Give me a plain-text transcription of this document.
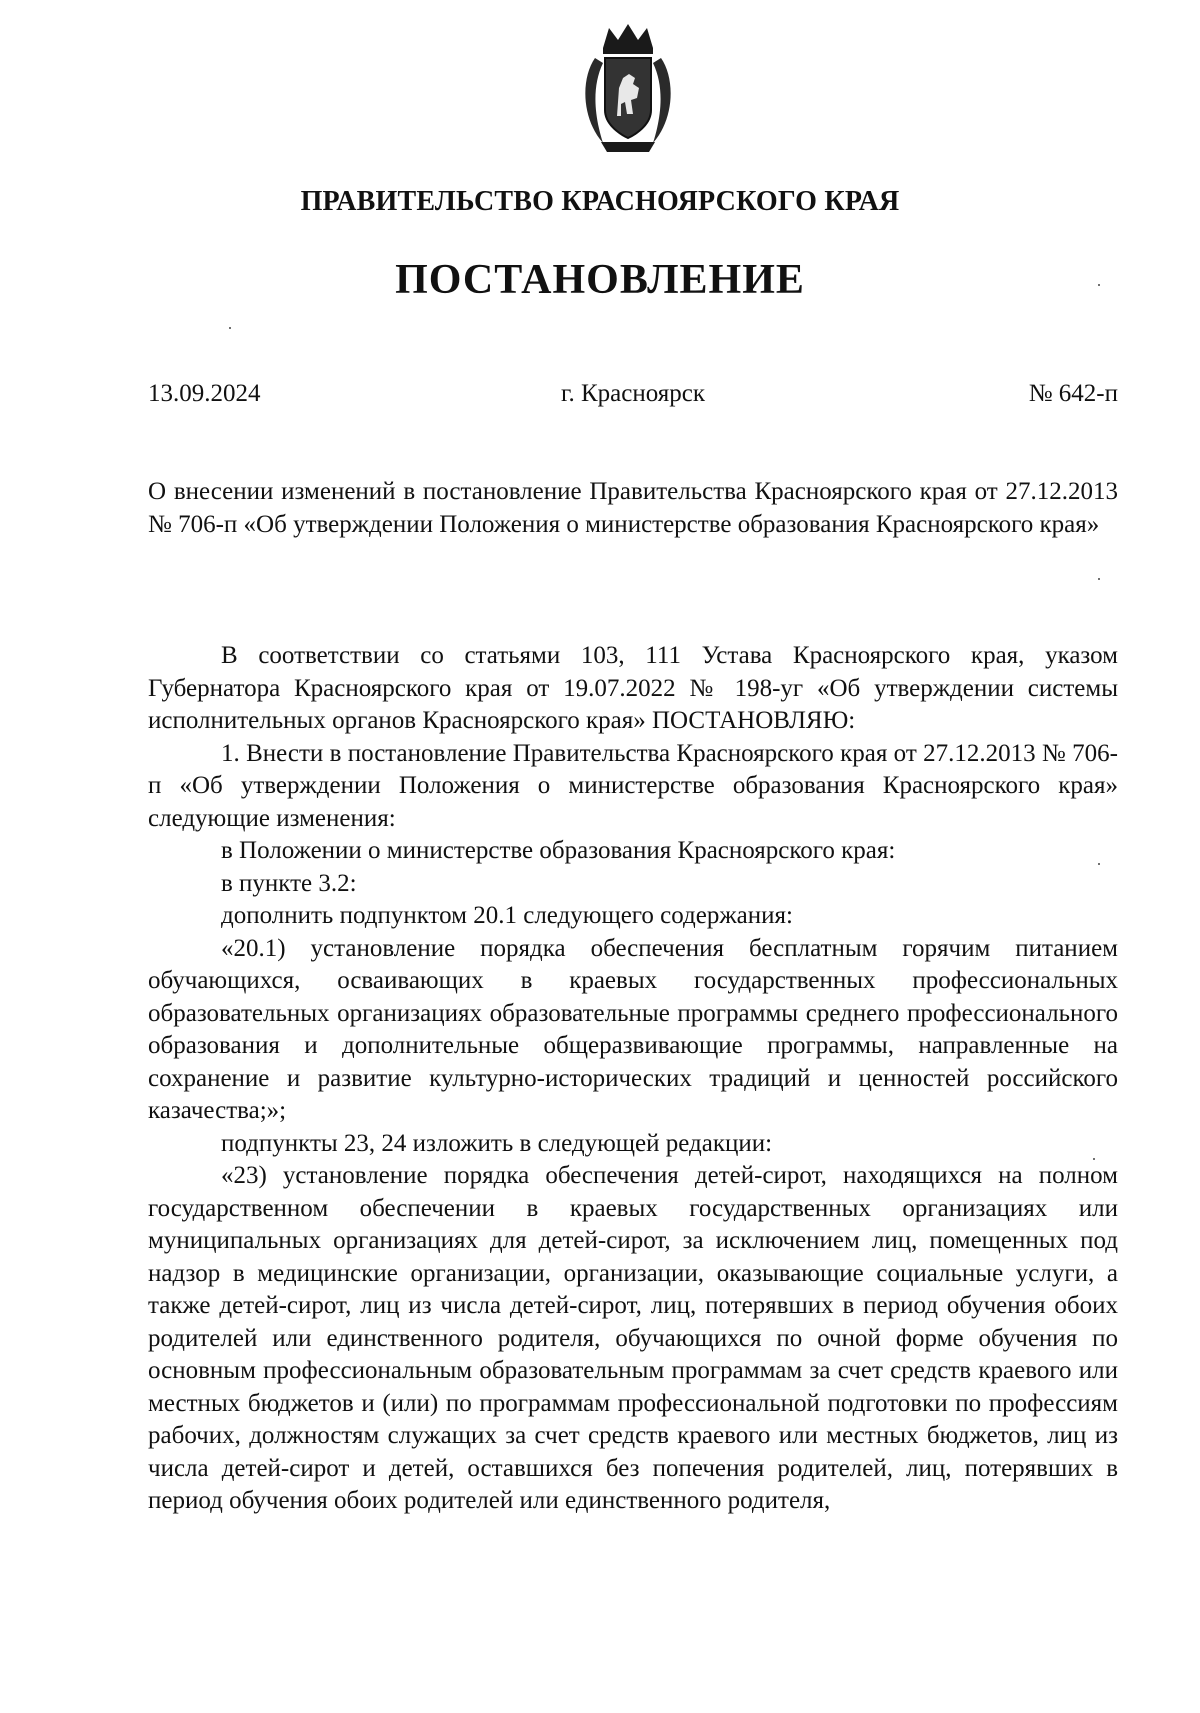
ПРАВИТЕЛЬСТВО КРАСНОЯРСКОГО КРАЯ
ПОСТАНОВЛЕНИЕ
13.09.2024	г. Красноярск	№ 642-п

О внесении изменений в постановление Правительства Красноярского края от 27.12.2013 № 706-п «Об утверждении Положения о министерстве образования Красноярского края»

В соответствии со статьями 103, 111 Устава Красноярского края, указом Губернатора Красноярского края от 19.07.2022 № 198-уг «Об утверждении системы исполнительных органов Красноярского края» ПОСТАНОВЛЯЮ:

1. Внести в постановление Правительства Красноярского края от 27.12.2013 № 706-п «Об утверждении Положения о министерстве образования Красноярского края» следующие изменения:

в Положении о министерстве образования Красноярского края:

в пункте 3.2:

дополнить подпунктом 20.1 следующего содержания:

«20.1) установление порядка обеспечения бесплатным горячим питанием обучающихся, осваивающих в краевых государственных профессиональных образовательных организациях образовательные программы среднего профессионального образования и дополнительные общеразвивающие программы, направленные на сохранение и развитие культурно-исторических традиций и ценностей российского казачества;»;

подпункты 23, 24 изложить в следующей редакции:

«23) установление порядка обеспечения детей-сирот, находящихся на полном государственном обеспечении в краевых государственных организациях или муниципальных организациях для детей-сирот, за исключением лиц, помещенных под надзор в медицинские организации, организации, оказывающие социальные услуги, а также детей-сирот, лиц из числа детей-сирот, лиц, потерявших в период обучения обоих родителей или единственного родителя, обучающихся по очной форме обучения по основным профессиональным образовательным программам за счет средств краевого или местных бюджетов и (или) по программам профессиональной подготовки по профессиям рабочих, должностям служащих за счет средств краевого или местных бюджетов, лиц из числа детей-сирот и детей, оставшихся без попечения родителей, лиц, потерявших в период обучения обоих родителей или единственного родителя,
